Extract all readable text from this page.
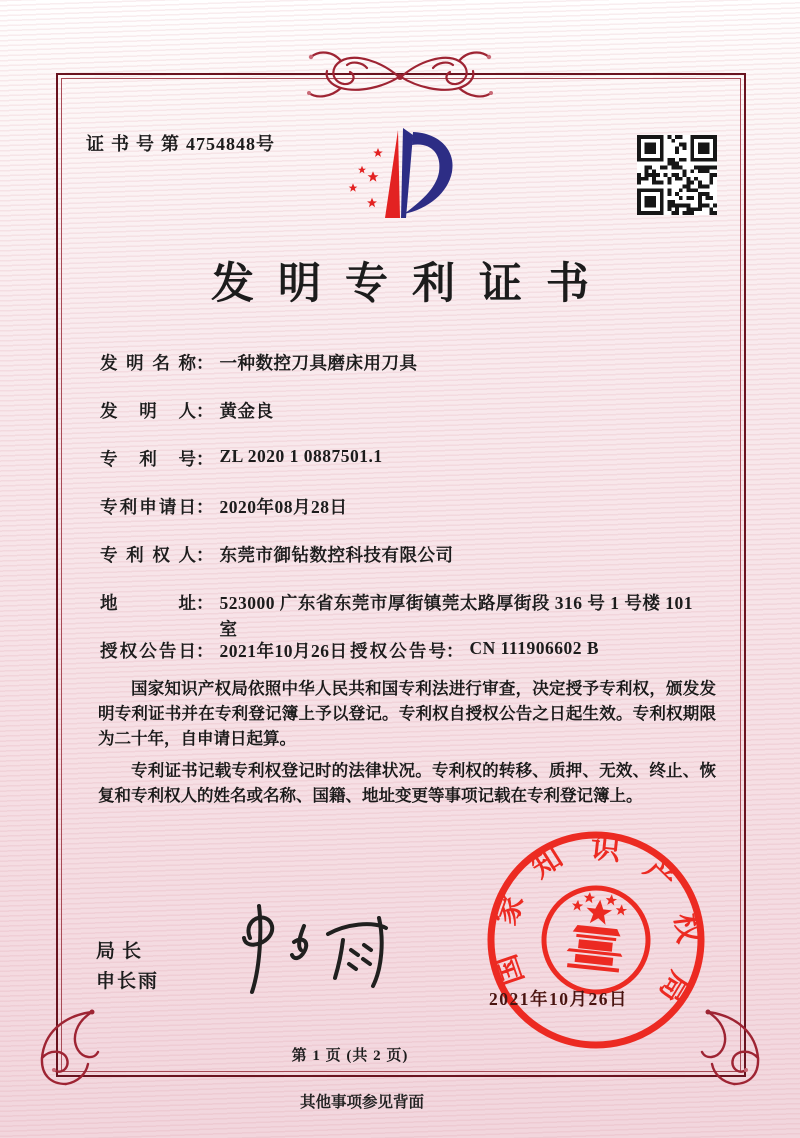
证书号第4754848号
发明专利证书
发明名称： 一种数控刀具磨床用刀具
发明人： 黄金良
专利号： ZL 2020 1 0887501.1
专利申请日： 2020年08月28日
专利权人： 东莞市御钻数控科技有限公司
地址： 523000 广东省东莞市厚街镇莞太路厚街段 316 号 1 号楼 101 室
授权公告日： 2021年10月26日 授权公告号： CN 111906602 B

国家知识产权局依照中华人民共和国专利法进行审查，决定授予专利权，颁发发明专利证书并在专利登记簿上予以登记。专利权自授权公告之日起生效。专利权期限为二十年，自申请日起算。

专利证书记载专利权登记时的法律状况。专利权的转移、质押、无效、终止、恢复和专利权人的姓名或名称、国籍、地址变更等事项记载在专利登记簿上。

局长
申长雨	国
家
知 识
产
权
局
2021年10月26日
第 1 页 (共 2 页)
其他事项参见背面
